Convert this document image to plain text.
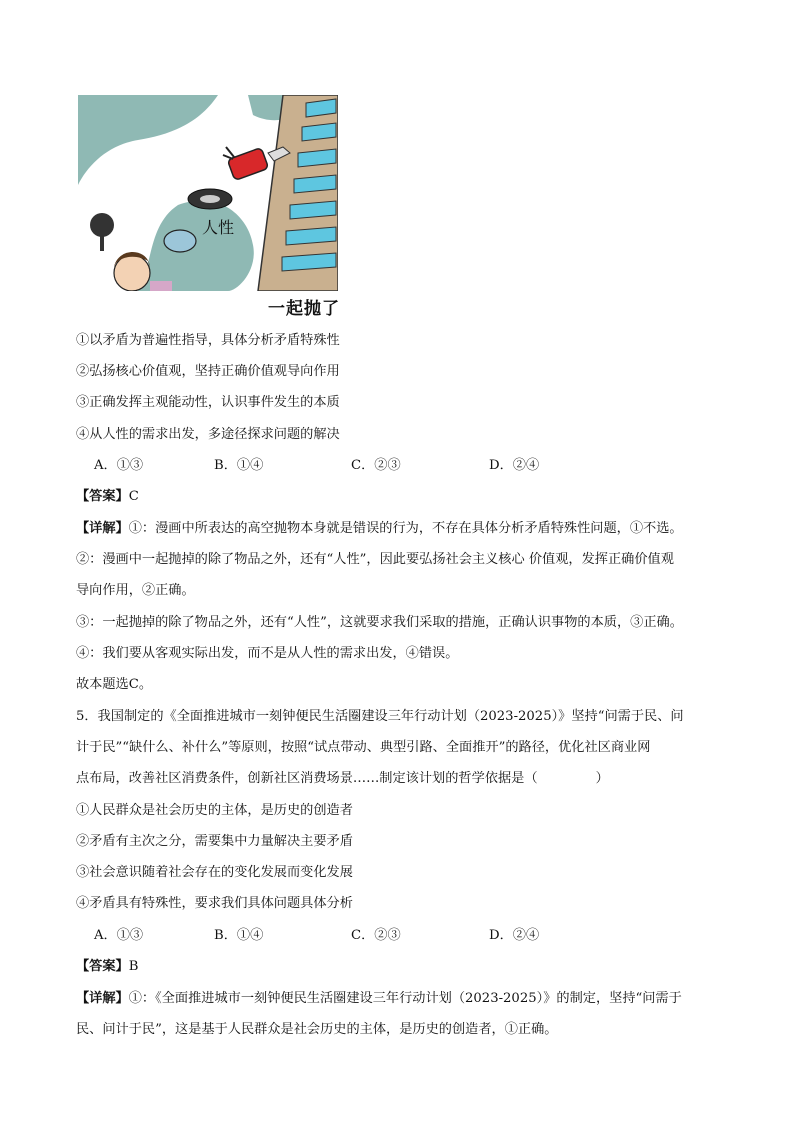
人性
一起抛了
①以矛盾为普遍性指导，具体分析矛盾特殊性
②弘扬核心价值观，坚持正确价值观导向作用
③正确发挥主观能动性，认识事件发生的本质
④从人性的需求出发，多途径探求问题的解决
A．①③	B．①④	C．②③	D．②④
【答案】C
【详解】①：漫画中所表达的高空抛物本身就是错误的行为，不存在具体分析矛盾特殊性问题，①不选。
②：漫画中一起抛掉的除了物品之外，还有“人性”，因此要弘扬社会主义核心 价值观，发挥正确价值观
导向作用，②正确。
③：一起抛掉的除了物品之外，还有“人性”，这就要求我们采取的措施，正确认识事物的本质，③正确。
④：我们要从客观实际出发，而不是从人性的需求出发，④错误。
故本题选C。
5．我国制定的《全面推进城市一刻钟便民生活圈建设三年行动计划（2023-2025）》坚持“问需于民、问
计于民”“缺什么、补什么”等原则，按照“试点带动、典型引路、全面推开”的路径，优化社区商业网
点布局，改善社区消费条件，创新社区消费场景……制定该计划的哲学依据是（	）
①人民群众是社会历史的主体，是历史的创造者
②矛盾有主次之分，需要集中力量解决主要矛盾
③社会意识随着社会存在的变化发展而变化发展
④矛盾具有特殊性，要求我们具体问题具体分析
A．①③	B．①④	C．②③	D．②④
【答案】B
【详解】①：《全面推进城市一刻钟便民生活圈建设三年行动计划（2023-2025）》的制定，坚持“问需于
民、问计于民”，这是基于人民群众是社会历史的主体，是历史的创造者，①正确。
